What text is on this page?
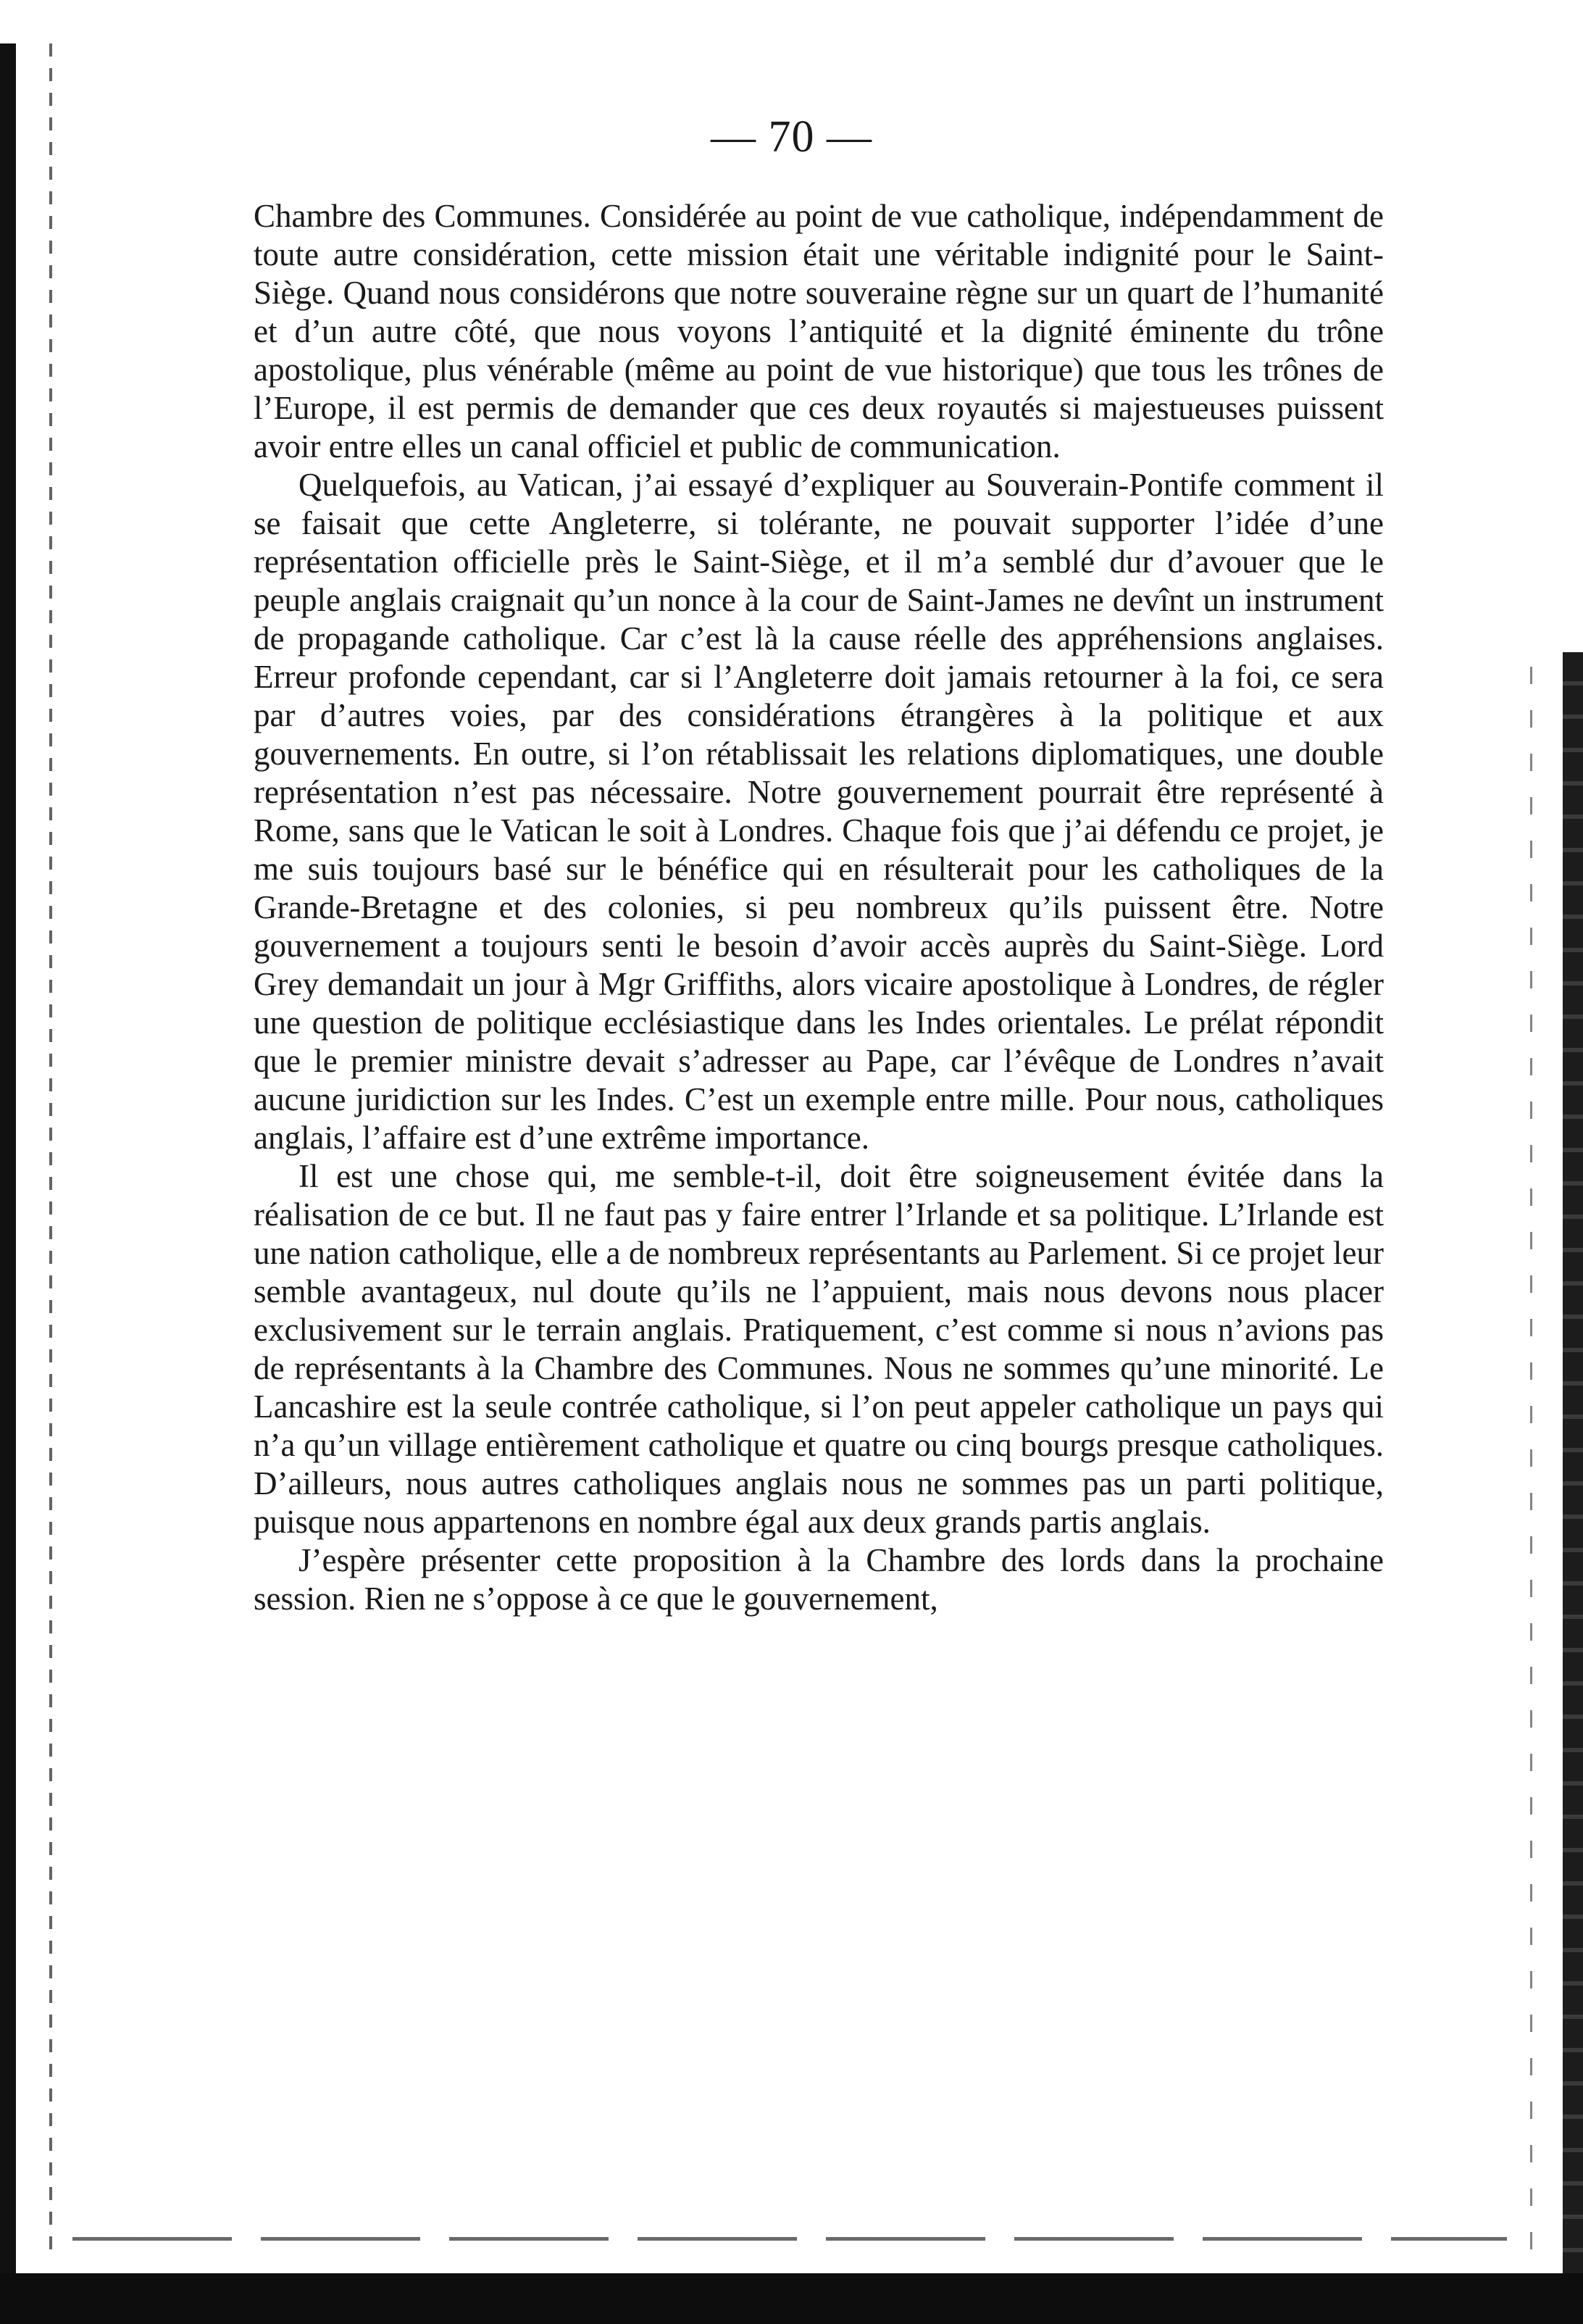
— 70 —

Chambre des Communes. Considérée au point de vue catholique, indépendamment de toute autre considération, cette mission était une véritable indignité pour le Saint-Siège. Quand nous considérons que notre souveraine règne sur un quart de l’humanité et d’un autre côté, que nous voyons l’antiquité et la dignité éminente du trône apostolique, plus vénérable (même au point de vue historique) que tous les trônes de l’Europe, il est permis de demander que ces deux royautés si majestueuses puissent avoir entre elles un canal officiel et public de communication.

Quelquefois, au Vatican, j’ai essayé d’expliquer au Souverain-Pontife comment il se faisait que cette Angleterre, si tolérante, ne pouvait supporter l’idée d’une représentation officielle près le Saint-Siège, et il m’a semblé dur d’avouer que le peuple anglais craignait qu’un nonce à la cour de Saint-James ne devînt un instrument de propagande catholique. Car c’est là la cause réelle des appréhensions anglaises. Erreur profonde cependant, car si l’Angleterre doit jamais retourner à la foi, ce sera par d’autres voies, par des considérations étrangères à la politique et aux gouvernements. En outre, si l’on rétablissait les relations diplomatiques, une double représentation n’est pas nécessaire. Notre gouvernement pourrait être représenté à Rome, sans que le Vatican le soit à Londres. Chaque fois que j’ai défendu ce projet, je me suis toujours basé sur le bénéfice qui en résulterait pour les catholiques de la Grande-Bretagne et des colonies, si peu nombreux qu’ils puissent être. Notre gouvernement a toujours senti le besoin d’avoir accès auprès du Saint-Siège. Lord Grey demandait un jour à Mgr Griffiths, alors vicaire apostolique à Londres, de régler une question de politique ecclésiastique dans les Indes orientales. Le prélat répondit que le premier ministre devait s’adresser au Pape, car l’évêque de Londres n’avait aucune juridiction sur les Indes. C’est un exemple entre mille. Pour nous, catholiques anglais, l’affaire est d’une extrême importance.

Il est une chose qui, me semble-t-il, doit être soigneusement évitée dans la réalisation de ce but. Il ne faut pas y faire entrer l’Irlande et sa politique. L’Irlande est une nation catholique, elle a de nombreux représentants au Parlement. Si ce projet leur semble avantageux, nul doute qu’ils ne l’appuient, mais nous devons nous placer exclusivement sur le terrain anglais. Pratiquement, c’est comme si nous n’avions pas de représentants à la Chambre des Communes. Nous ne sommes qu’une minorité. Le Lancashire est la seule contrée catholique, si l’on peut appeler catholique un pays qui n’a qu’un village entièrement catholique et quatre ou cinq bourgs presque catholiques. D’ailleurs, nous autres catholiques anglais nous ne sommes pas un parti politique, puisque nous appartenons en nombre égal aux deux grands partis anglais.

J’espère présenter cette proposition à la Chambre des lords dans la prochaine session. Rien ne s’oppose à ce que le gouvernement,
